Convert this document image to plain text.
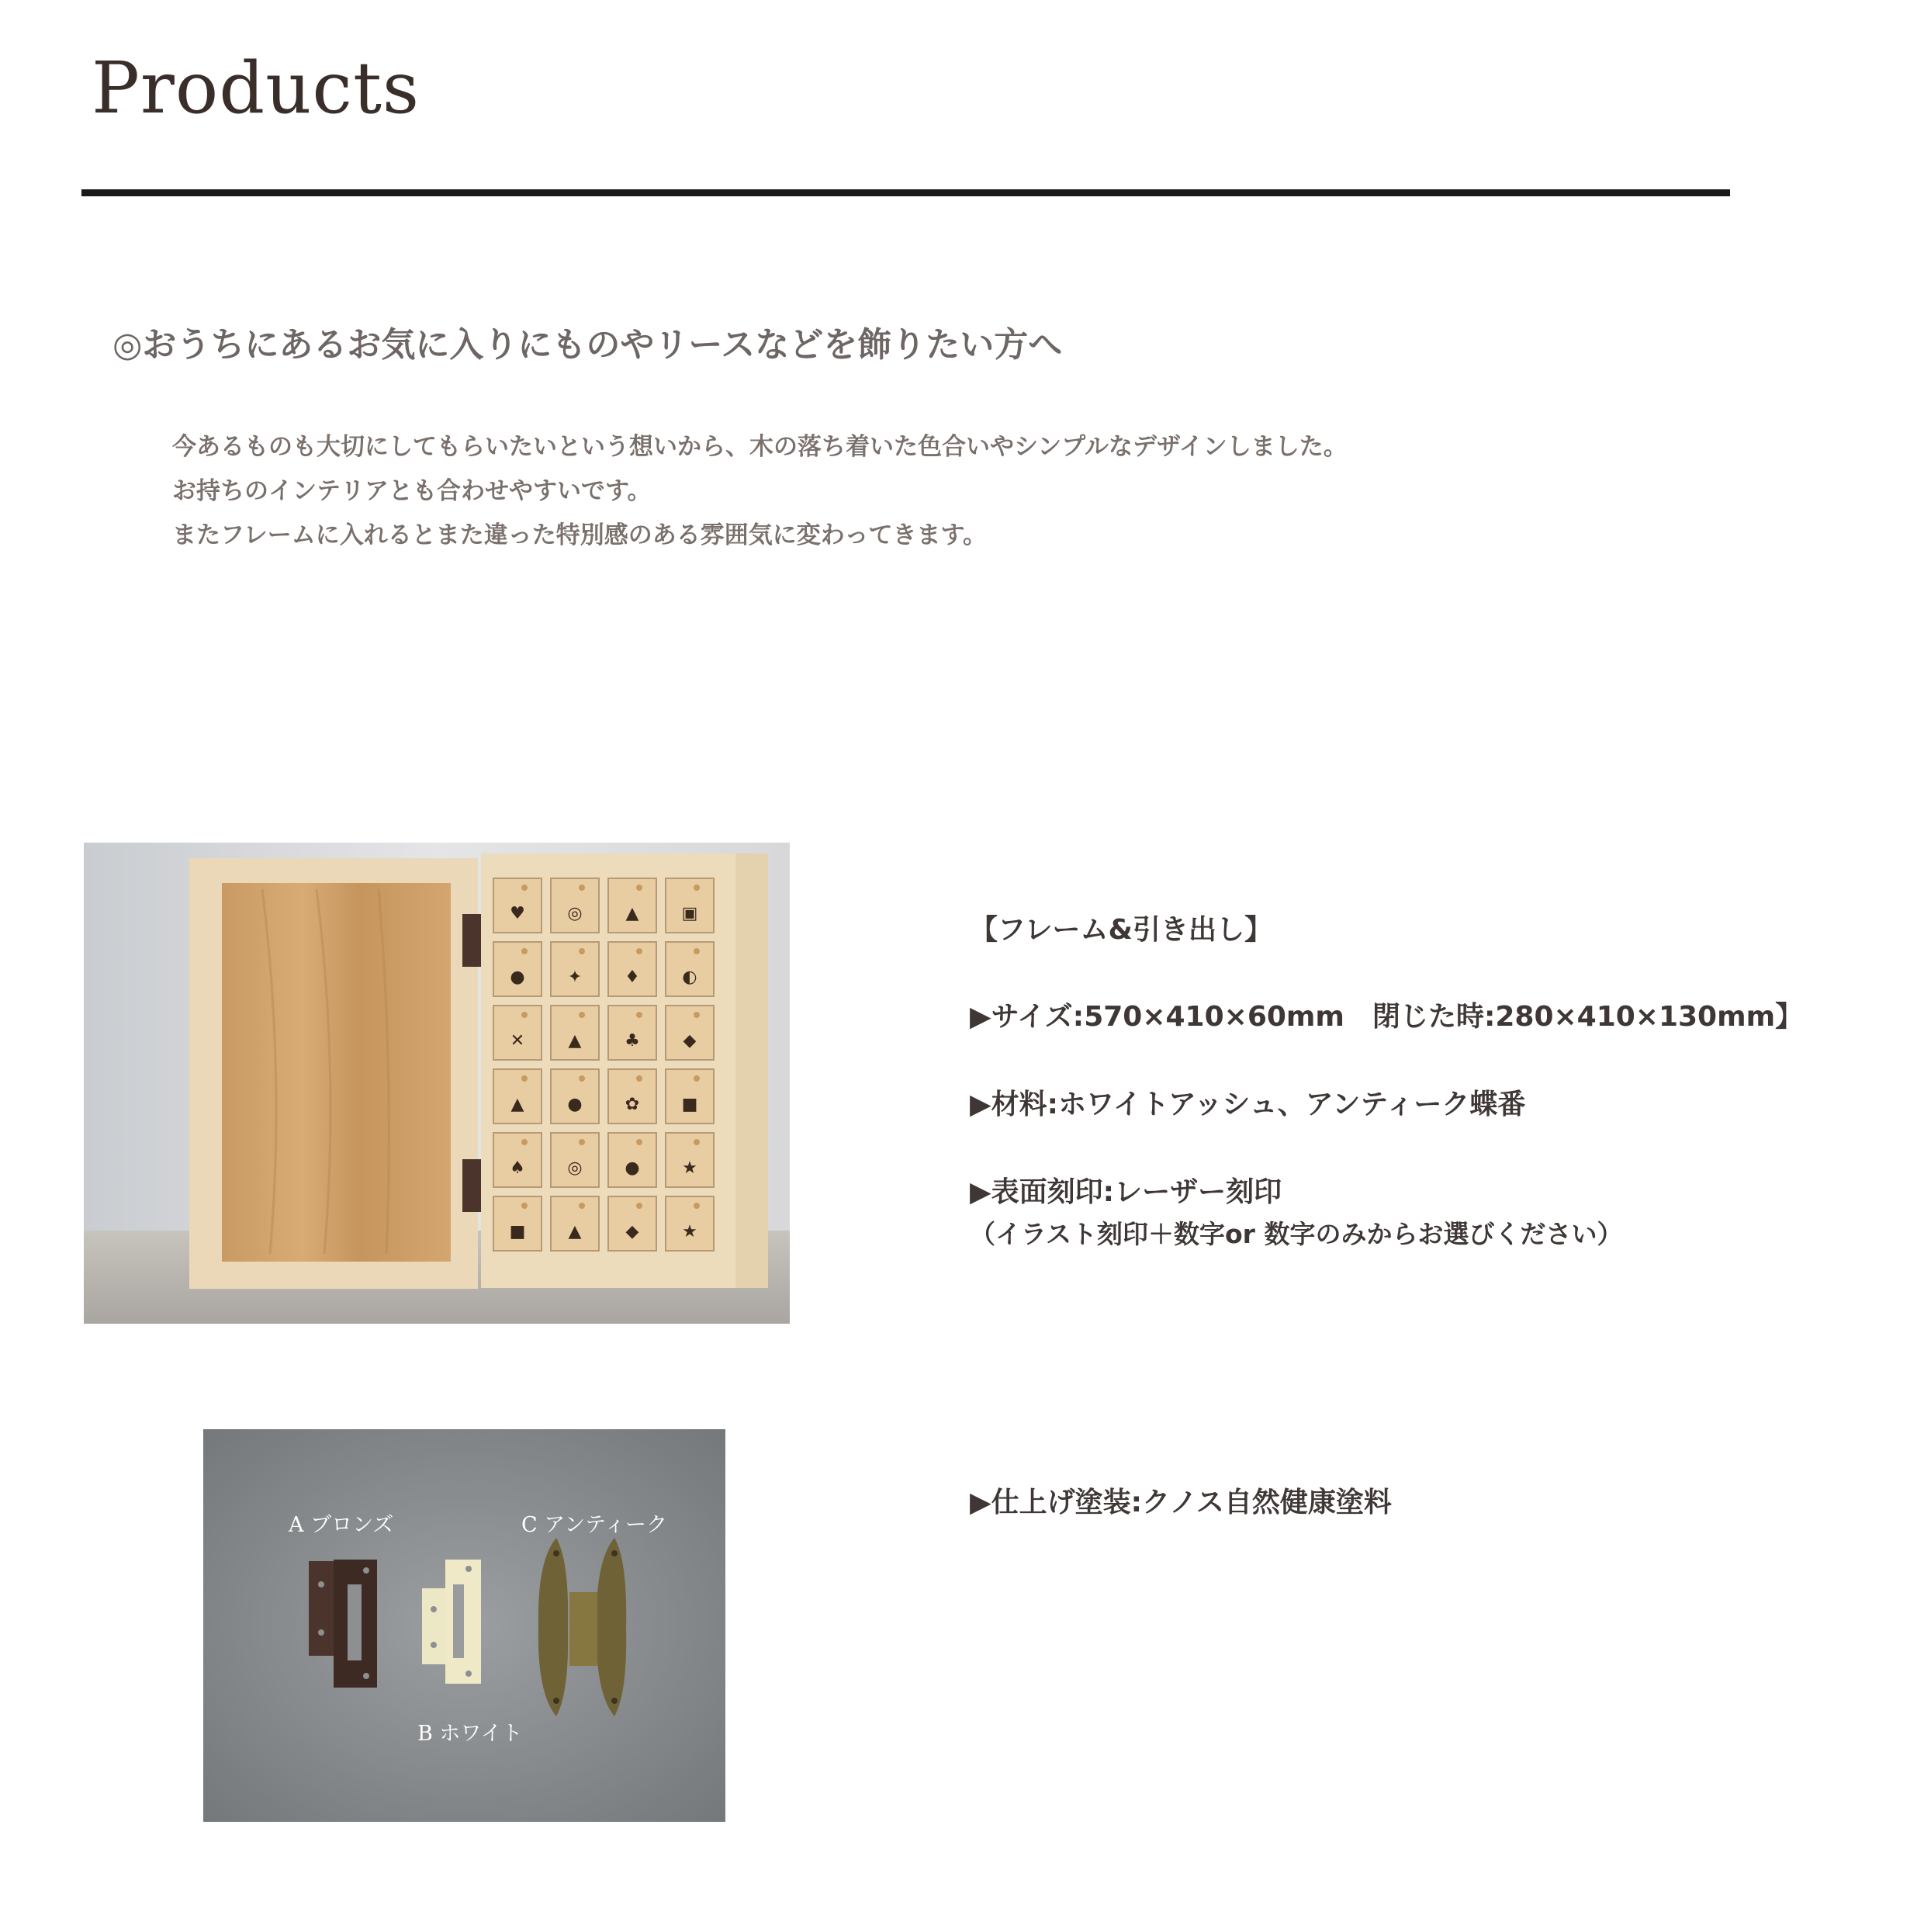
Products
◎おうちにあるお気に入りにものやリースなどを飾りたい方へ
今あるものも大切にしてもらいたいという想いから、木の落ち着いた色合いやシンプルなデザインしました。
お持ちのインテリアとも合わせやすいです。
またフレームに入れるとまた違った特別感のある雰囲気に変わってきます。
♥ ◎	▲	▣
●	✦ ♦ ◐
✕	▲	♣	◆
▲	●	✿ ■
♠ ◎ ● ★
■	▲	◆	★
A ブロンズ
B ホワイト
C アンティーク
【フレーム&引き出し】
▶サイズ:570×410×60mm　閉じた時:280×410×130mm】
▶材料:ホワイトアッシュ、アンティーク蝶番
▶表面刻印:レーザー刻印
（イラスト刻印＋数字or 数字のみからお選びください）
▶仕上げ塗装:クノス自然健康塗料
